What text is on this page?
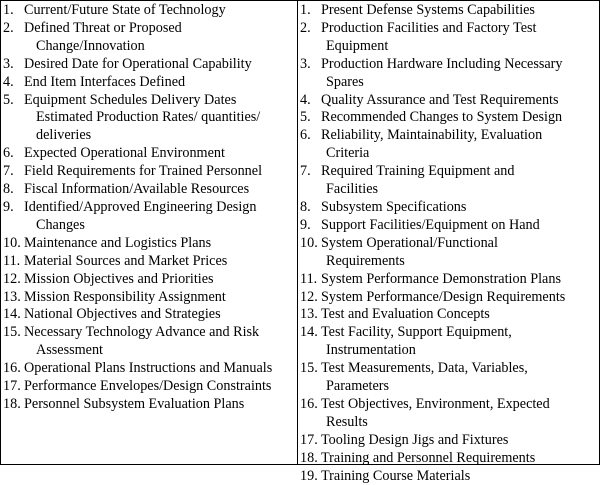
1. Current/Future State of Technology
2. Defined Threat or Proposed
Change/Innovation
3. Desired Date for Operational Capability
4. End Item Interfaces Defined
5. Equipment Schedules Delivery Dates
Estimated Production Rates/ quantities/
deliveries
6. Expected Operational Environment
7. Field Requirements for Trained Personnel
8. Fiscal Information/Available Resources
9. Identified/Approved Engineering Design
Changes
10. Maintenance and Logistics Plans
11. Material Sources and Market Prices
12. Mission Objectives and Priorities
13. Mission Responsibility Assignment
14. National Objectives and Strategies
15. Necessary Technology Advance and Risk
Assessment
16. Operational Plans Instructions and Manuals
17. Performance Envelopes/Design Constraints
18. Personnel Subsystem Evaluation Plans
1. Present Defense Systems Capabilities
2. Production Facilities and Factory Test
Equipment
3. Production Hardware Including Necessary
Spares
4. Quality Assurance and Test Requirements
5. Recommended Changes to System Design
6. Reliability, Maintainability, Evaluation
Criteria
7. Required Training Equipment and
Facilities
8. Subsystem Specifications
9. Support Facilities/Equipment on Hand
10. System Operational/Functional
Requirements
11. System Performance Demonstration Plans
12. System Performance/Design Requirements
13. Test and Evaluation Concepts
14. Test Facility, Support Equipment,
Instrumentation
15. Test Measurements, Data, Variables,
Parameters
16. Test Objectives, Environment, Expected
Results
17. Tooling Design Jigs and Fixtures
18. Training and Personnel Requirements
19. Training Course Materials
